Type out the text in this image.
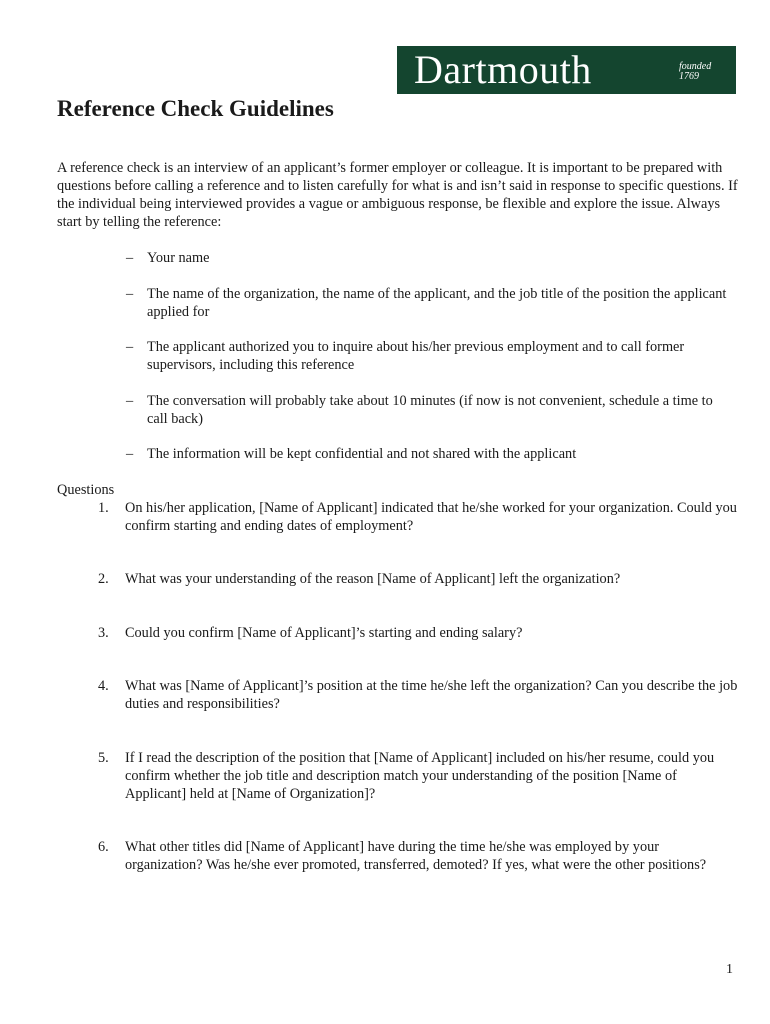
Dartmouth	founded
1769
Reference Check Guidelines

A reference check is an interview of an applicant’s former employer or colleague. It is important to be prepared with questions before calling a reference and to listen carefully for what is and isn’t said in response to specific questions. If the individual being interviewed provides a vague or ambiguous response, be flexible and explore the issue. Always start by telling the reference:

– Your name
– The name of the organization, the name of the applicant, and the job title of the position the applicant applied for
– The applicant authorized you to inquire about his/her previous employment and to call former supervisors, including this reference
– The conversation will probably take about 10 minutes (if now is not convenient, schedule a time to call back)
– The information will be kept confidential and not shared with the applicant
Questions
1. On his/her application, [Name of Applicant] indicated that he/she worked for your organization. Could you confirm starting and ending dates of employment?
2. What was your understanding of the reason [Name of Applicant] left the organization?
3. Could you confirm [Name of Applicant]’s starting and ending salary?
4. What was [Name of Applicant]’s position at the time he/she left the organization? Can you describe the job duties and responsibilities?
5. If I read the description of the position that [Name of Applicant] included on his/her resume, could you confirm whether the job title and description match your understanding of the position [Name of Applicant] held at [Name of Organization]?
6. What other titles did [Name of Applicant] have during the time he/she was employed by your organization? Was he/she ever promoted, transferred, demoted? If yes, what were the other positions?
1
